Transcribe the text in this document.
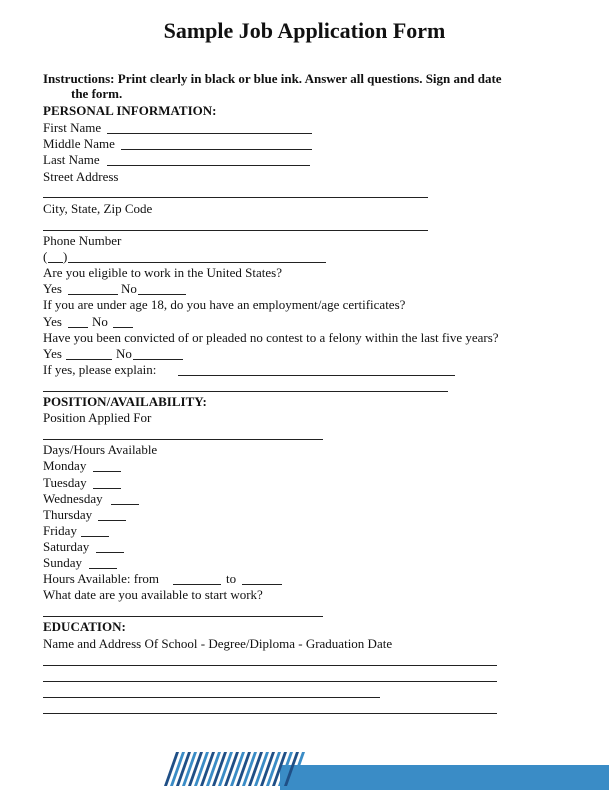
Sample Job Application Form
Instructions: Print clearly in black or blue ink. Answer all questions. Sign and date
the form.
PERSONAL INFORMATION:
First Name
Middle Name
Last Name
Street Address
City, State, Zip Code
Phone Number
( )
Are you eligible to work in the United States?
Yes	No
If you are under age 18, do you have an employment/age certificates?
Yes No
Have you been convicted of or pleaded no contest to a felony within the last five years?
Yes	No
If yes, please explain:
POSITION/AVAILABILITY:
Position Applied For
Days/Hours Available
Monday
Tuesday
Wednesday
Thursday
Friday
Saturday
Sunday
Hours Available: from	to
What date are you available to start work?
EDUCATION:
Name and Address Of School - Degree/Diploma - Graduation Date
